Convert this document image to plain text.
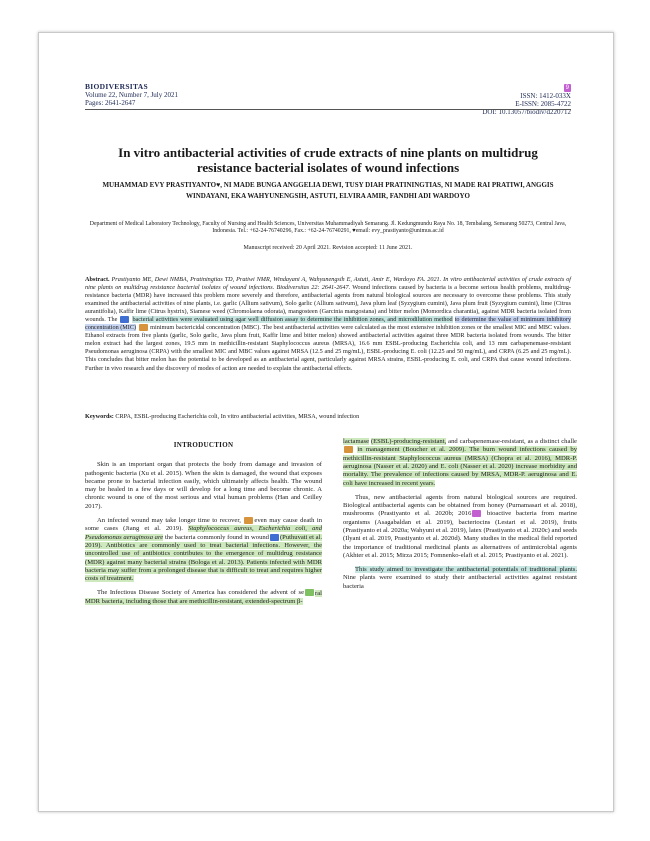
BIODIVERSITAS
Volume 22, Number 7, July 2021
Pages: 2641-2647
9
ISSN: 1412-033X
E-ISSN: 2085-4722
DOI: 10.13057/biodiv/d220712
In vitro antibacterial activities of crude extracts of nine plants on multidrug resistance bacterial isolates of wound infections
MUHAMMAD EVY PRASTIYANTO♥, NI MADE BUNGA ANGGELIA DEWI, TUSY DIAH PRATININGTIAS, NI MADE RAI PRATIWI, ANGGIS WINDAYANI, EKA WAHYUNENGSIH, ASTUTI, ELVIRA AMIR, FANDHI ADI WARDOYO
Department of Medical Laboratory Technology, Faculty of Nursing and Health Sciences, Universitas Muhammadiyah Semarang. Jl. Kedungmundu Raya No. 18, Tembalang, Semarang 50273, Central Java, Indonesia. Tel.: +62-24-76740296, Fax.: +62-24-76740291, ♥email: evy_prastiyanto@unimus.ac.id
Manuscript received: 20 April 2021. Revision accepted: 11 June 2021.
Abstract. Prastiyanto ME, Dewi NMBA, Pratiningtias TD, Pratiwi NMR, Windayani A, Wahyunengsih E, Astuti, Amir E, Wardoyo FA. 2021. In vitro antibacterial activities of crude extracts of nine plants on multidrug resistance bacterial isolates of wound infections. Biodiversitas 22: 2641-2647. Wound infections caused by bacteria is a become serious health problems, multidrug-resistance bacteria (MDR) have increased this problem more severely and therefore, antibacterial agents from natural biological sources are necessary to overcome these problems. This study examined the antibacterial activities of nine plants, i.e. garlic (Allium sativum), Solo garlic (Allium sativum), Java plum leaf (Syzygium cumini), Java plum fruit (Syzygium cumini), lime (Citrus aurantifolia), Kaffir lime (Citrus hystrix), Siamese weed (Chromolaena odorata), mangosteen (Garcinia mangostana) and bitter melon (Momordica charantia), against MDR bacteria isolated from wounds. The bacterial activities were evaluated using agar well diffusion assay to determine the inhibition zones, and microdilution method to determine the value of minimum inhibitory concentration (MIC) minimum bactericidal concentration (MBC). The best antibacterial activities were calculated as the most extensive inhibition zones or the smallest MIC and MBC values. Ethanol extracts from five plants (garlic, Solo garlic, Java plum fruit, Kaffir lime and bitter melon) showed antibacterial activities against three MDR bacteria isolated from wounds. The bitter melon extract had the largest zones, 19.5 mm in methicillin-resistant Staphylococcus aureus (MRSA), 16.6 mm ESBL-producing Escherichia coli, and 13 mm carbapenemase-resistant Pseudomonas aeruginosa (CRPA) with the smallest MIC and MBC values against MRSA (12.5 and 25 mg/mL), ESBL-producing E. coli (12.25 and 50 mg/mL), and CRPA (6.25 and 25 mg/mL). This concludes that bitter melon has the potential to be developed as an antibacterial agent, particularly against MRSA strains, ESBL-producing E. coli, and CRPA that cause wound infections. Further in vivo research and the discovery of modes of action are needed to explain the antibacterial effects.
Keywords: CRPA, ESBL-producing Escherichia coli, In vitro antibacterial activities, MRSA, wound infection
INTRODUCTION

Skin is an important organ that protects the body from damage and invasion of pathogenic bacteria (Xu et al. 2015). When the skin is damaged, the wound that exposes became prone to bacterial infection easily, which ultimately affects health. The wound may be healed in a few days or will develop for a long time and become chronic. A chronic wound is one of the most serious and vital human problems (Han and Ceilley 2017).

An infected wound may take longer time to recover, even may cause death in some cases (Jiang et al. 2019). Staphylococcus aureus, Escherichia coli, and Pseudomonas aeruginosa are the bacteria commonly found in wound (Puthuvati et al. 2019). Antibiotics are commonly used to treat bacterial infections. However, the uncontrolled use of antibiotics contributes to the emergence of multidrug resistance (MDR) against many bacterial strains (Bologa et al. 2013). Patients infected with MDR bacteria may suffer from a prolonged disease that is difficult to treat and requires higher costs of treatment.

The Infectious Disease Society of America has considered the advent of se ral MDR bacteria, including those that are methicillin-resistant, extended-spectrum β-

lactamase (ESBL)-producing-resistant, and carbapenemase-resistant, as a distinct challe in management (Boucher et al. 2009). The burn wound infections caused by methicillin-resistant Staphylococcus aureus (MRSA) (Chopra et al. 2016), MDR-P. aeruginosa (Nasser et al. 2020) and E. coli (Nasser et al. 2020) increase morbidity and mortality. The prevalence of infections caused by MRSA, MDR-P. aeruginosa and E. coli have increased in recent years.

Thus, new antibacterial agents from natural biological sources are required. Biological antibacterial agents can be obtained from honey (Purnamasari et al. 2018), mushrooms (Prastiyanto et al. 2020b; 2016 bioactive bacteria from marine organisms (Asagabaldan et al. 2019), bacteriocins (Lestari et al. 2019), fruits (Prastiyanto et al. 2020a; Wahyuni et al. 2019), latex (Prastiyanto et al. 2020c) and seeds (Ilyani et al. 2019, Prastiyanto et al. 2020d). Many studies in the medical field reported the importance of traditional medicinal plants as alternatives of antimicrobial agents (Akhter et al. 2015; Mirza 2015; Fomnenko-elafi et al. 2015; Prastiyanto et al. 2021).

This study aimed to investigate the antibacterial potentials of traditional plants. Nine plants were examined to study their antibacterial activities against resistant bacteria
